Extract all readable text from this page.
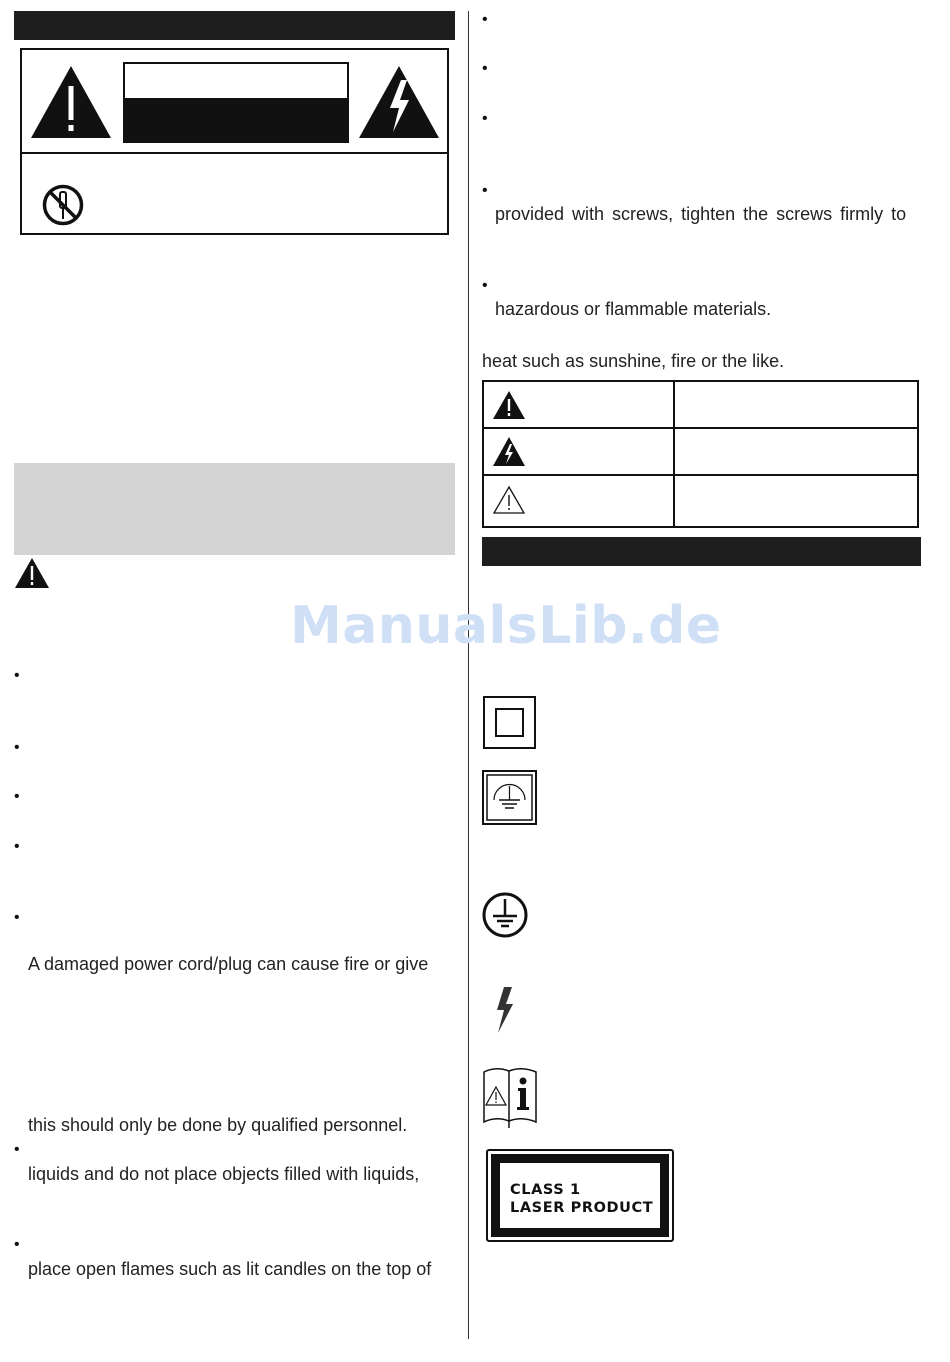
•
•
•
•
•
A damaged power cord/plug can cause fire or give
this should only be done by qualified personnel.
•
liquids and do not place objects filled with liquids,
•
place open flames such as lit candles on the top of
•
•
•
•
provided with screws, tighten the screws firmly to
•
hazardous or flammable materials.
heat such as sunshine, fire or the like.
CLASS 1
LASER PRODUCT
ManualsLib.de
